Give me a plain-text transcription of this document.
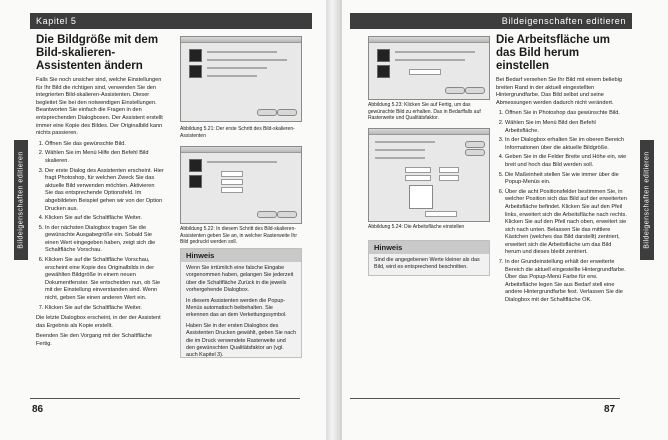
Kapitel 5
Bildeigenschaften editieren
Die Bildgröße mit dem Bild-skalieren-Assistenten ändern

Falls Sie noch unsicher sind, welche Einstellungen für Ihr Bild die richtigen sind, verwenden Sie den integrierten Bild-skalieren-Assistenten. Dieser begleitet Sie bei den notwendigen Einstellungen. Beantworten Sie einfach die Fragen in den entsprechenden Dialogboxen. Der Assistent erstellt immer eine Kopie des Bildes. Der Originalbild kann nichts passieren.

1. Öffnen Sie das gewünschte Bild.
2. Wählen Sie im Menü Hilfe den Befehl Bild skalieren.
3. Der erste Dialog des Assistenten erscheint. Hier fragt Photoshop, für welchen Zweck Sie das aktuelle Bild verwenden möchten. Aktivieren Sie das entsprechende Optionsfeld. Im abgebildeten Beispiel gehen wir von der Option Drucken aus.
4. Klicken Sie auf die Schaltfläche Weiter.
5. In der nächsten Dialogbox tragen Sie die gewünschte Ausgabegröße ein. Sobald Sie einen Wert eingegeben haben, zeigt sich die Schaltfläche Vorschau.
6. Klicken Sie auf die Schaltfläche Vorschau, erscheint eine Kopie des Originalbilds in der gewählten Bildgröße in einem neuen Dokumentfenster. Sie entscheiden nun, ob Sie mit der Einstellung einverstanden sind. Wenn nicht, geben Sie einen anderen Wert ein.
7. Klicken Sie auf die Schaltfläche Weiter.

Die letzte Dialogbox erscheint, in der der Assistent das Ergebnis als Kopie erstellt.

Beenden Sie den Vorgang mit der Schaltfläche Fertig.

Abbildung 5.21: Der erste Schritt des Bild-skalieren-Assistenten
Abbildung 5.22: In diesem Schritt des Bild-skalieren-Assistenten geben Sie an, in welcher Rasterweite Ihr Bild gedruckt werden soll.
Hinweis

Wenn Sie irrtümlich eine falsche Eingabe vorgenommen haben, gelangen Sie jederzeit über die Schaltfläche Zurück in die jeweils vorhergehende Dialogbox.

In diesem Assistenten werden die Popup-Menüs automatisch beibehalten. Sie erkennen das an dem Verkettungssymbol.

Haben Sie in der ersten Dialogbox des Assistenten Drucken gewählt, geben Sie nach die im Druck verwendete Rasterweite und den gewünschten Qualitätsfaktor an (vgl. auch Kapitel 3).

86
Bildeigenschaften editieren
Bildeigenschaften editieren
Abbildung 5.23: Klicken Sie auf Fertig, um das gewünschte Bild zu erhalten. Das in Bedarffalls auf Rasterweite und Qualitätsfaktor.
Abbildung 5.24: Die Arbeitsfläche einstellen
Hinweis

Sind die angegebenen Werte kleiner als das Bild, wird es entsprechend beschnitten.

Die Arbeitsfläche um das Bild herum einstellen

Bei Bedarf versehen Sie Ihr Bild mit einem beliebig breiten Rand in der aktuell eingestellten Hintergrundfarbe. Das Bild selbst und seine Abmessungen werden dadurch nicht verändert.

1. Öffnen Sie in Photoshop das gewünschte Bild.
2. Wählen Sie im Menü Bild den Befehl Arbeitsfläche.
3. In der Dialogbox erhalten Sie im oberen Bereich Informationen über die aktuelle Bildgröße.
4. Geben Sie in die Felder Breite und Höhe ein, wie breit und hoch das Bild werden soll.
5. Die Maßeinheit stellen Sie wie immer über die Popup-Menüs ein.
6. Über die acht Positionsfelder bestimmen Sie, in welcher Position sich das Bild auf der erweiterten Arbeitsfläche befindet. Klicken Sie auf den Pfeil links, erweitert sich die Arbeitsfläche nach rechts. Klicken Sie auf den Pfeil nach oben, erweitert sie sich nach unten. Belassen Sie das mittlere Kästchen (welches das Bild darstellt) zentriert, erweitert sich die Arbeitsfläche um das Bild herum und dieses bleibt zentriert.
7. In der Grundeinstellung erhält der erweiterte Bereich die aktuell eingestellte Hintergrundfarbe. Über das Popup-Menü Farbe für erw. Arbeitsfläche legen Sie aus Bedarf stell eine andere Hintergrundfarbe fest. Verlassen Sie die Dialogbox mit der Schaltfläche OK.
87
